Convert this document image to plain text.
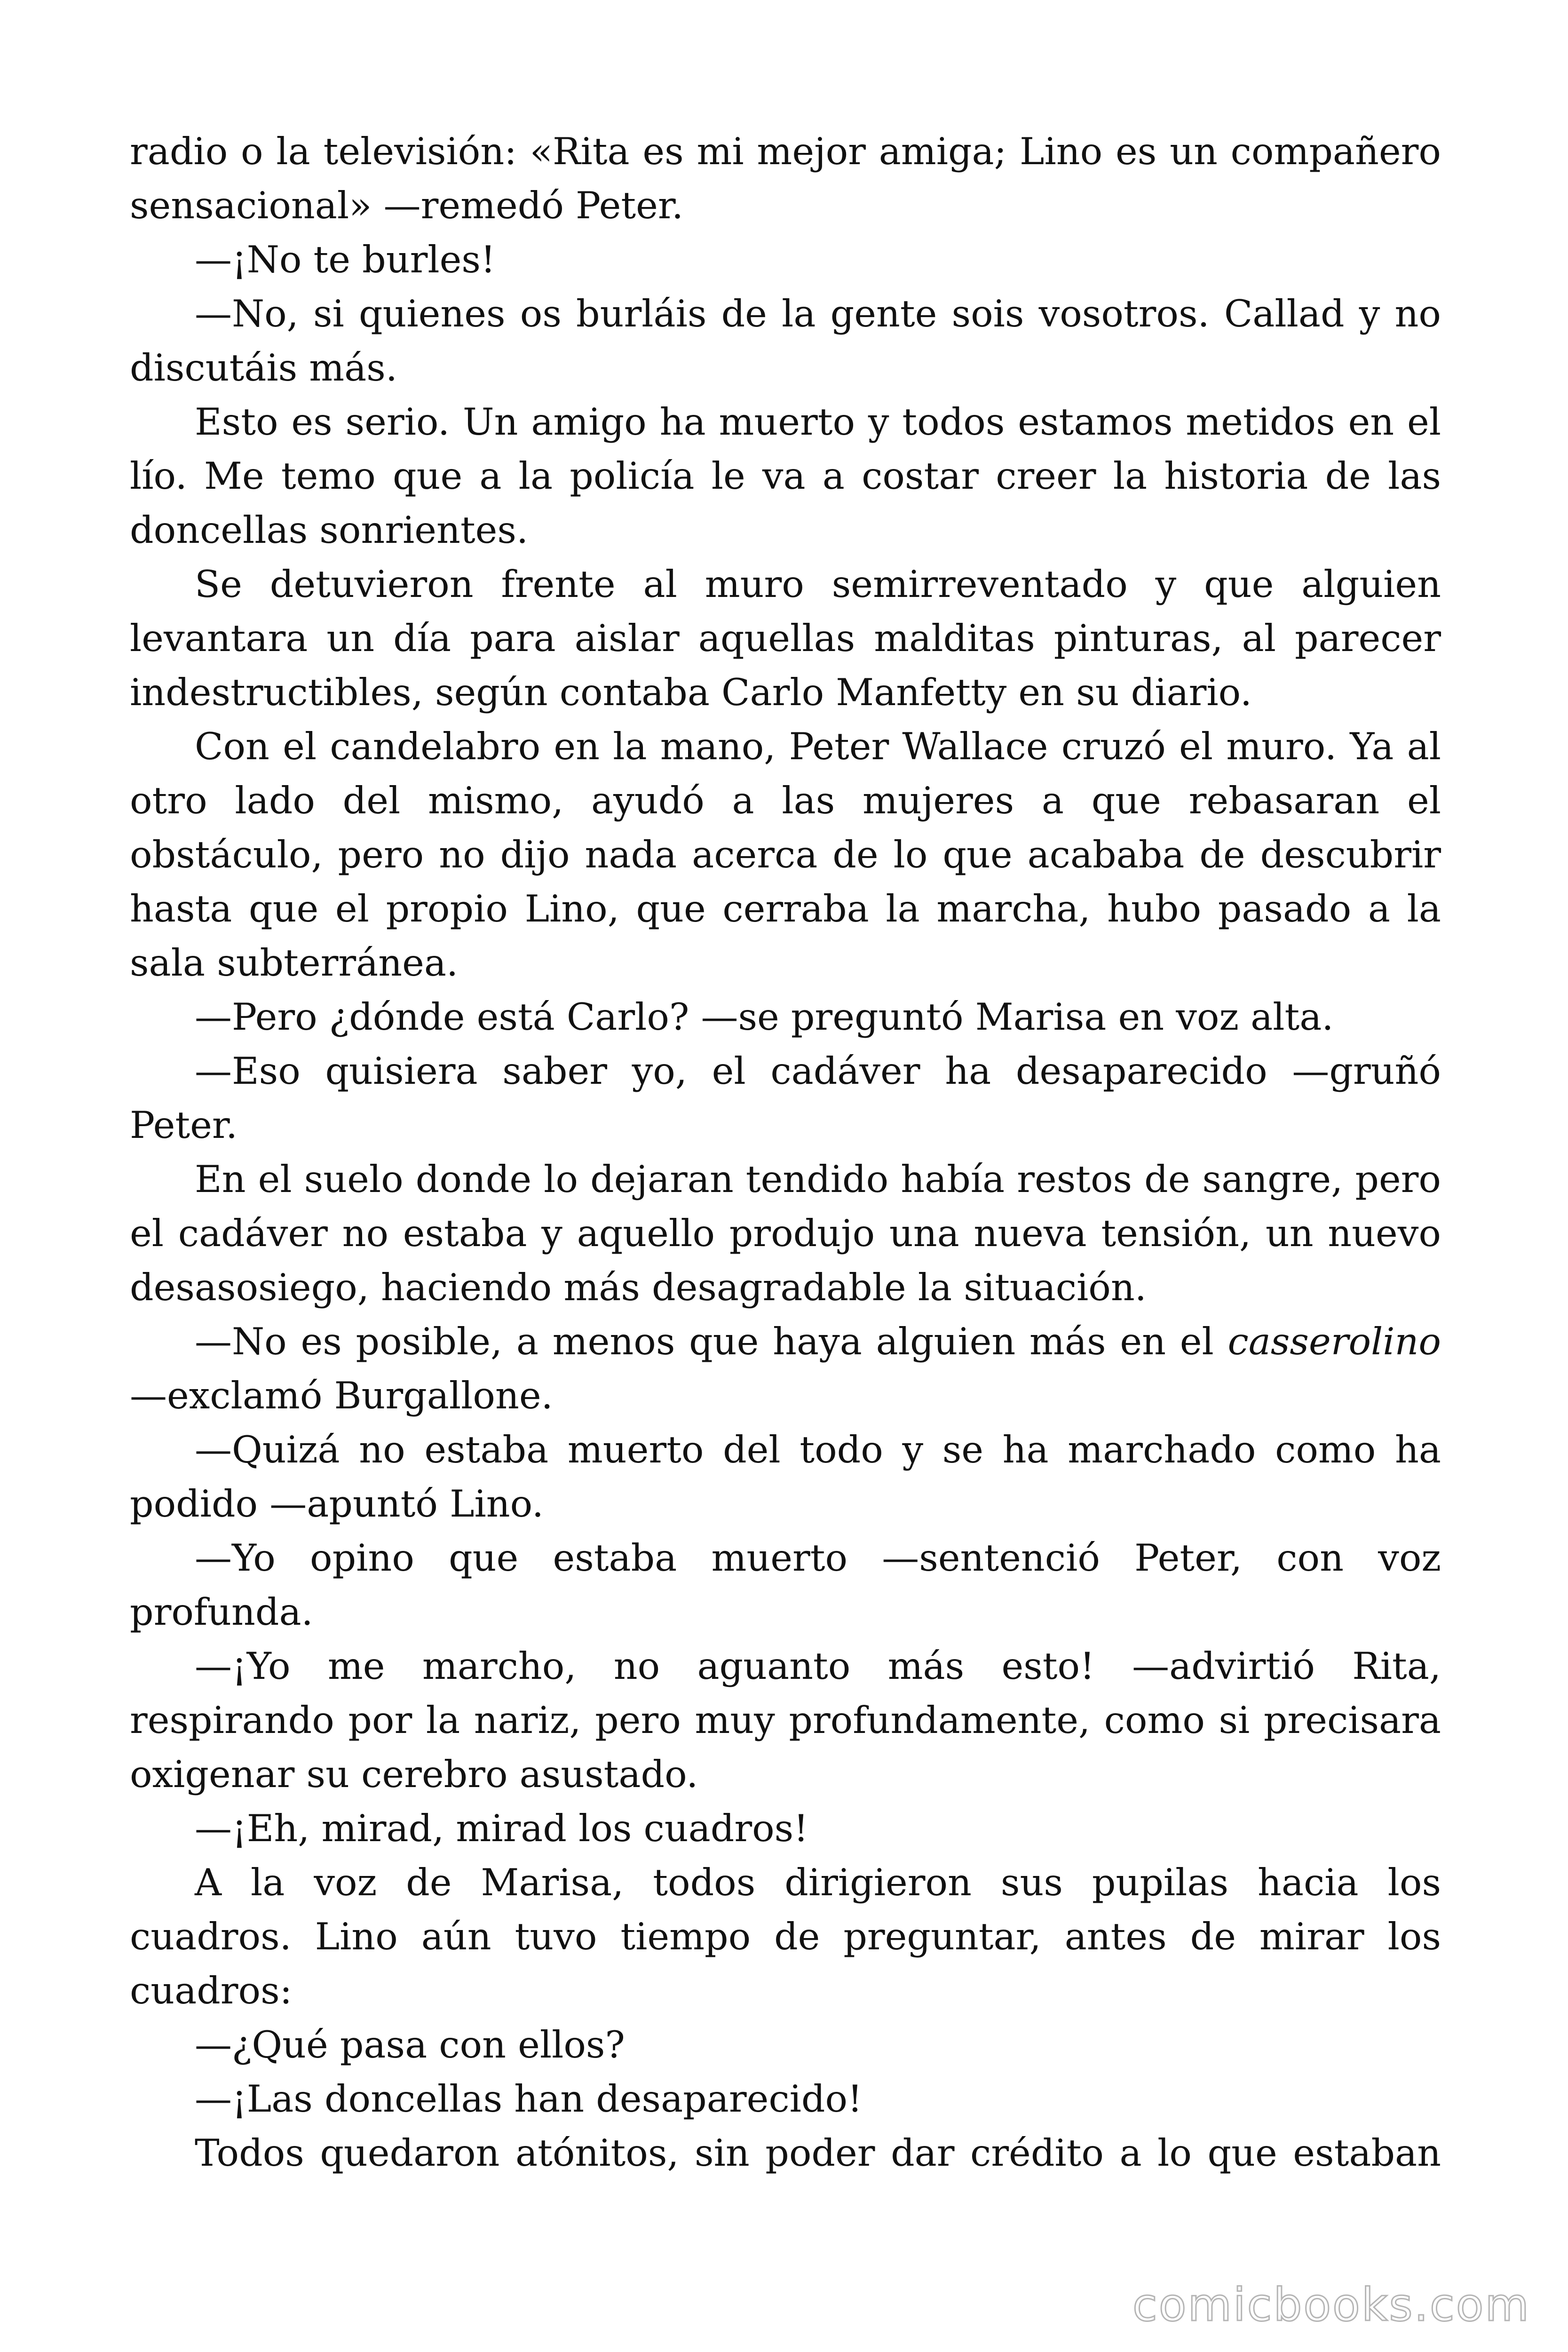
radio o la televisión: «Rita es mi mejor amiga; Lino es un compañero sensacional» —remedó Peter.

—¡No te burles!

—No, si quienes os burláis de la gente sois vosotros. Callad y no discutáis más.

Esto es serio. Un amigo ha muerto y todos estamos metidos en el lío. Me temo que a la policía le va a costar creer la historia de las doncellas sonrientes.

Se detuvieron frente al muro semirreventado y que alguien levantara un día para aislar aquellas malditas pinturas, al parecer indestructibles, según contaba Carlo Manfetty en su diario.

Con el candelabro en la mano, Peter Wallace cruzó el muro. Ya al otro lado del mismo, ayudó a las mujeres a que rebasaran el obstáculo, pero no dijo nada acerca de lo que acababa de descubrir hasta que el propio Lino, que cerraba la marcha, hubo pasado a la sala subterránea.

—Pero ¿dónde está Carlo? —se preguntó Marisa en voz alta.

—Eso quisiera saber yo, el cadáver ha desaparecido —gruñó Peter.

En el suelo donde lo dejaran tendido había restos de sangre, pero el cadáver no estaba y aquello produjo una nueva tensión, un nuevo desasosiego, haciendo más desagradable la situación.

—No es posible, a menos que haya alguien más en el casserolino —exclamó Burgallone.

—Quizá no estaba muerto del todo y se ha marchado como ha podido —apuntó Lino.

—Yo opino que estaba muerto —sentenció Peter, con voz profunda.

—¡Yo me marcho, no aguanto más esto! —advirtió Rita, respirando por la nariz, pero muy profundamente, como si precisara oxigenar su cerebro asustado.

—¡Eh, mirad, mirad los cuadros!

A la voz de Marisa, todos dirigieron sus pupilas hacia los cuadros. Lino aún tuvo tiempo de preguntar, antes de mirar los cuadros:

—¿Qué pasa con ellos?

—¡Las doncellas han desaparecido!

Todos quedaron atónitos, sin poder dar crédito a lo que estaban

comicbooks.com
